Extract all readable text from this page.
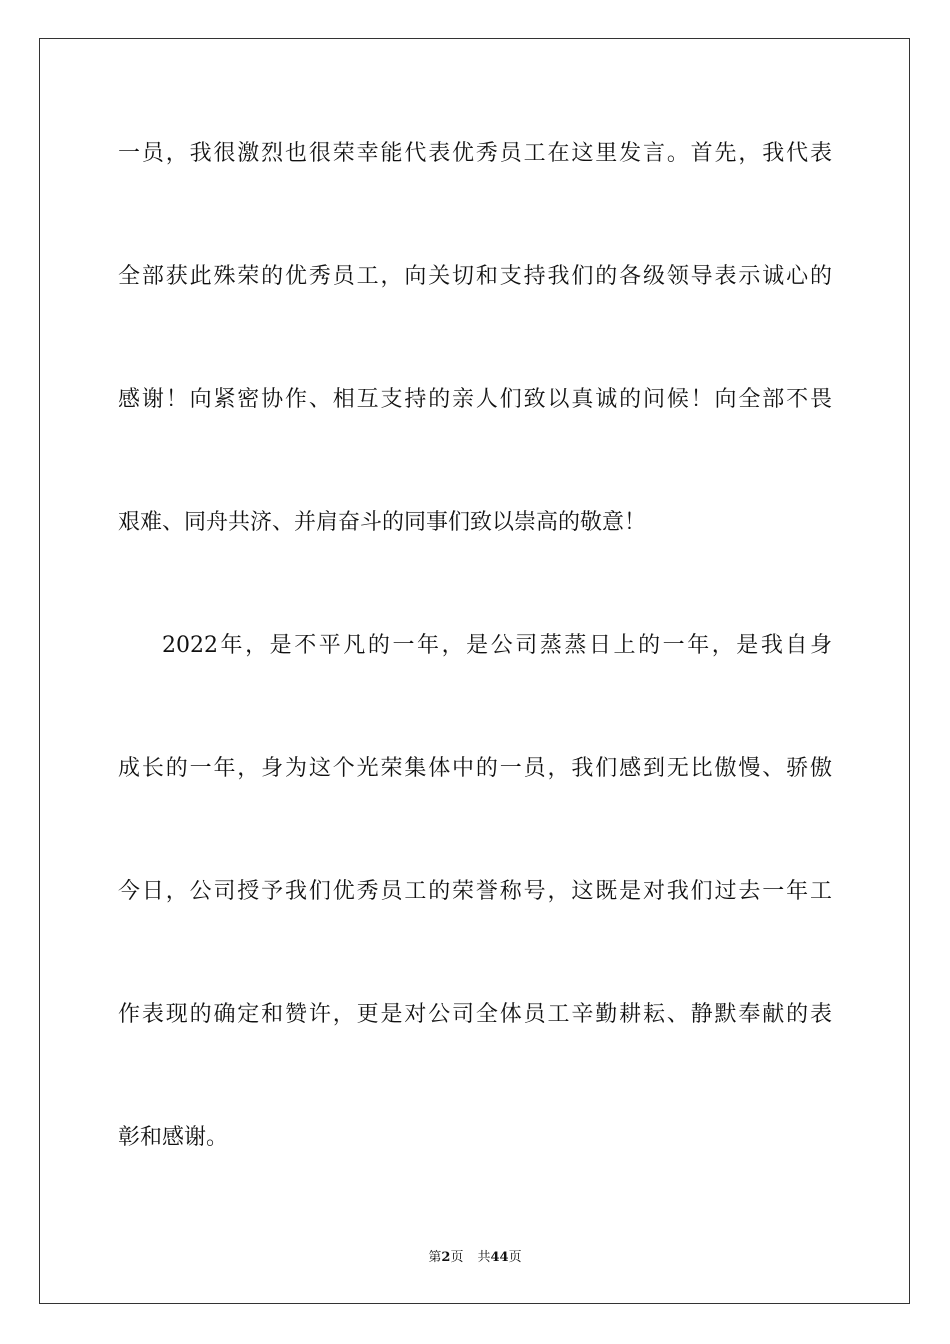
一员，我很激烈也很荣幸能代表优秀员工在这里发言。首先，我代表
全部获此殊荣的优秀员工，向关切和支持我们的各级领导表示诚心的
感谢！向紧密协作、相互支持的亲人们致以真诚的问候！向全部不畏
艰难、同舟共济、并肩奋斗的同事们致以崇高的敬意！
2022年，是不平凡的一年，是公司蒸蒸日上的一年，是我自身
成长的一年，身为这个光荣集体中的一员，我们感到无比傲慢、骄傲
今日，公司授予我们优秀员工的荣誉称号，这既是对我们过去一年工
作表现的确定和赞许，更是对公司全体员工辛勤耕耘、静默奉献的表
彰和感谢。
第2页 共44页
